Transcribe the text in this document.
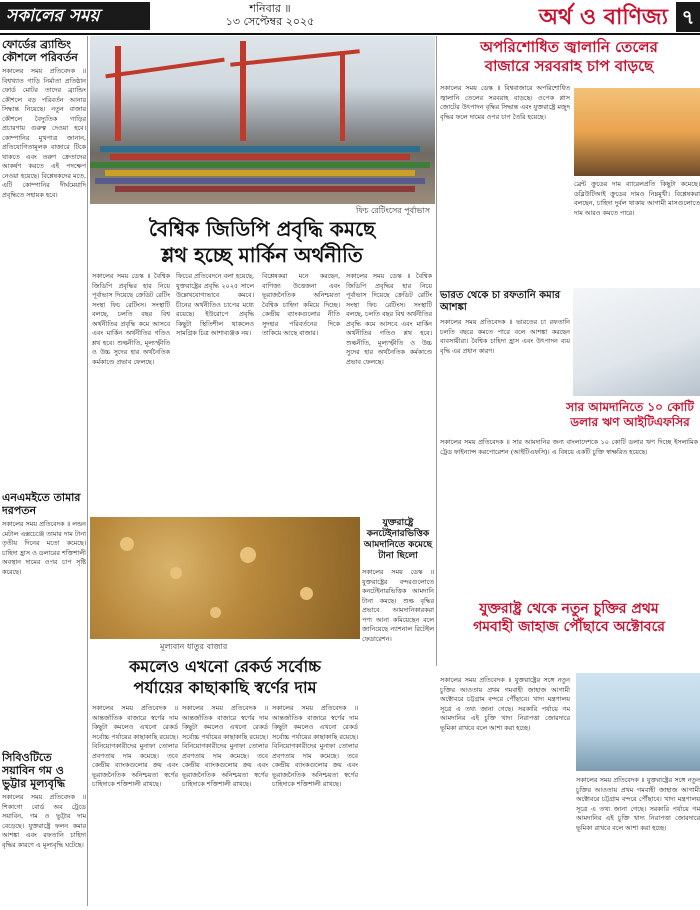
সকালের সময়	শনিবার ॥
১৩ সেপ্টেম্বর ২০২৫	অর্থ ও বাণিজ্য ৭
ফোর্ডের ব্র্যান্ডিং কৌশলে পরিবর্তন
সকালের সময় প্রতিবেদক ॥ বিশ্বখ্যাত গাড়ি নির্মাতা প্রতিষ্ঠান ফোর্ড মোটর তাদের ব্র্যান্ডিং কৌশলে বড় পরিবর্তন আনার সিদ্ধান্ত নিয়েছে। নতুন বাজার কৌশলে বৈদ্যুতিক গাড়ির প্রচারণায় গুরুত্ব দেওয়া হবে। কোম্পানির মুখপাত্র জানান, প্রতিযোগিতামূলক বাজারে টিকে থাকতে এবং তরুণ ক্রেতাদের আকর্ষণ করতে এই পদক্ষেপ নেওয়া হয়েছে। বিশ্লেষকদের মতে, এটি কোম্পানির দীর্ঘমেয়াদি প্রবৃদ্ধিতে সহায়ক হবে।
এনএমইতে তামার দরপতন
সকালের সময় প্রতিবেদক ॥ লন্ডন মেটাল এক্সচেঞ্জে তামার দাম টানা তৃতীয় দিনের মতো কমেছে। চাহিদা হ্রাস ও ডলারের শক্তিশালী অবস্থান দামের ওপর চাপ সৃষ্টি করেছে।
সিবিওটিতে সয়াবিন গম ও ভুট্টার মূল্যবৃদ্ধি
সকালের সময় প্রতিবেদক ॥ শিকাগো বোর্ড অব ট্রেডে সয়াবিন, গম ও ভুট্টার দাম বেড়েছে। যুক্তরাষ্ট্রে ফলন কমার আশঙ্কা এবং রফতানি চাহিদা বৃদ্ধির কারণে এ মূল্যবৃদ্ধি ঘটেছে।
ফিচ রেটিংসের পূর্বাভাস
বৈশ্বিক জিডিপি প্রবৃদ্ধি কমছে
শ্লথ হচ্ছে মার্কিন অর্থনীতি
সকালের সময় ডেস্ক ॥ বৈশ্বিক জিডিপি প্রবৃদ্ধির হার নিয়ে পূর্বাভাস দিয়েছে ক্রেডিট রেটিং সংস্থা ফিচ রেটিংস। সংস্থাটি বলছে, চলতি বছর বিশ্ব অর্থনীতির প্রবৃদ্ধি কমে আসবে এবং মার্কিন অর্থনীতির গতিও শ্লথ হবে। শুল্কনীতি, মূল্যস্ফীতি ও উচ্চ সুদের হার অর্থনৈতিক কর্মকাণ্ডে প্রভাব ফেলছে।
ফিচের প্রতিবেদনে বলা হয়েছে, যুক্তরাষ্ট্রের প্রবৃদ্ধি ২০২৫ সালে উল্লেখযোগ্যভাবে কমবে। চীনের অর্থনীতিও চাপের মধ্যে রয়েছে। ইউরোপে প্রবৃদ্ধি কিছুটা স্থিতিশীল থাকলেও সামগ্রিক চিত্র আশাব্যঞ্জক নয়।
বিশ্লেষকরা মনে করছেন, বাণিজ্য উত্তেজনা এবং ভূরাজনৈতিক অনিশ্চয়তা বৈশ্বিক চাহিদা কমিয়ে দিচ্ছে। কেন্দ্রীয় ব্যাংকগুলোর নীতি সুদহার পরিবর্তনের দিকে তাকিয়ে আছে বাজার।
সকালের সময় ডেস্ক ॥ বৈশ্বিক জিডিপি প্রবৃদ্ধির হার নিয়ে পূর্বাভাস দিয়েছে ক্রেডিট রেটিং সংস্থা ফিচ রেটিংস। সংস্থাটি বলছে, চলতি বছর বিশ্ব অর্থনীতির প্রবৃদ্ধি কমে আসবে এবং মার্কিন অর্থনীতির গতিও শ্লথ হবে। শুল্কনীতি, মূল্যস্ফীতি ও উচ্চ সুদের হার অর্থনৈতিক কর্মকাণ্ডে প্রভাব ফেলছে।
অপরিশোধিত জ্বালানি তেলের
বাজারে সরবরাহ চাপ বাড়ছে
সকালের সময় ডেস্ক ॥ বিশ্ববাজারে অপরিশোধিত জ্বালানি তেলের সরবরাহ বাড়ছে। ওপেক প্লাস জোটের উৎপাদন বৃদ্ধির সিদ্ধান্ত এবং যুক্তরাষ্ট্রে মজুদ বৃদ্ধির ফলে দামের ওপর চাপ তৈরি হয়েছে।
ব্রেন্ট ক্রুডের দাম ব্যারেলপ্রতি কিছুটা কমেছে। ডব্লিউটিআই ক্রুডের দামও নিম্নমুখী। বিশ্লেষকরা বলছেন, চাহিদা দুর্বল থাকায় আগামী মাসগুলোতে দাম আরও কমতে পারে।
ভারত থেকে চা রফতানি কমার আশঙ্কা
সকালের সময় প্রতিবেদক ॥ ভারতের চা রফতানি চলতি বছরে কমতে পারে বলে আশঙ্কা করছেন ব্যবসায়ীরা। বৈশ্বিক চাহিদা হ্রাস এবং উৎপাদন ব্যয় বৃদ্ধি এর প্রধান কারণ।
সার আমদানিতে ১০ কোটি
ডলার ঋণ আইটিএফসির
সকালের সময় প্রতিবেদক ॥ সার আমদানির জন্য বাংলাদেশকে ১০ কোটি ডলার ঋণ দিচ্ছে ইসলামিক ট্রেড ফাইন্যান্স করপোরেশন (আইটিএফসি)। এ বিষয়ে একটি চুক্তি স্বাক্ষরিত হয়েছে।
মূল্যবান ধাতুর বাজার
কমলেও এখনো রেকর্ড সর্বোচ্চ
পর্যায়ের কাছাকাছি স্বর্ণের দাম
সকালের সময় প্রতিবেদক ॥ আন্তর্জাতিক বাজারে স্বর্ণের দাম কিছুটা কমলেও এখনো রেকর্ড সর্বোচ্চ পর্যায়ের কাছাকাছি রয়েছে। বিনিয়োগকারীদের মুনাফা তোলার প্রবণতায় দাম কমেছে। তবে কেন্দ্রীয় ব্যাংকগুলোর ক্রয় এবং ভূরাজনৈতিক অনিশ্চয়তা স্বর্ণের চাহিদাকে শক্তিশালী রাখছে।
সকালের সময় প্রতিবেদক ॥ আন্তর্জাতিক বাজারে স্বর্ণের দাম কিছুটা কমলেও এখনো রেকর্ড সর্বোচ্চ পর্যায়ের কাছাকাছি রয়েছে। বিনিয়োগকারীদের মুনাফা তোলার প্রবণতায় দাম কমেছে। তবে কেন্দ্রীয় ব্যাংকগুলোর ক্রয় এবং ভূরাজনৈতিক অনিশ্চয়তা স্বর্ণের চাহিদাকে শক্তিশালী রাখছে।
সকালের সময় প্রতিবেদক ॥ আন্তর্জাতিক বাজারে স্বর্ণের দাম কিছুটা কমলেও এখনো রেকর্ড সর্বোচ্চ পর্যায়ের কাছাকাছি রয়েছে। বিনিয়োগকারীদের মুনাফা তোলার প্রবণতায় দাম কমেছে। তবে কেন্দ্রীয় ব্যাংকগুলোর ক্রয় এবং ভূরাজনৈতিক অনিশ্চয়তা স্বর্ণের চাহিদাকে শক্তিশালী রাখছে।
যুক্তরাষ্ট্রে কনটেইনারভিত্তিক আমদানিতে কমেছে টানা ছিলো
সকালের সময় ডেস্ক ॥ যুক্তরাষ্ট্রের বন্দরগুলোতে কনটেইনারভিত্তিক আমদানি টানা কমছে। শুল্ক বৃদ্ধির প্রভাবে আমদানিকারকরা পণ্য আনা কমিয়েছেন বলে জানিয়েছে ন্যাশনাল রিটেইল ফেডারেশন।
যুক্তরাষ্ট্র থেকে নতুন চুক্তির প্রথম
গমবাহী জাহাজ পৌঁছাবে অক্টোবরে
সকালের সময় প্রতিবেদক ॥ যুক্তরাষ্ট্রের সঙ্গে নতুন চুক্তির আওতায় প্রথম গমবাহী জাহাজ আগামী অক্টোবরে চট্টগ্রাম বন্দরে পৌঁছাবে। খাদ্য মন্ত্রণালয় সূত্রে এ তথ্য জানা গেছে। সরকারি পর্যায়ে গম আমদানির এই চুক্তি খাদ্য নিরাপত্তা জোরদারে ভূমিকা রাখবে বলে আশা করা হচ্ছে।
সকালের সময় প্রতিবেদক ॥ যুক্তরাষ্ট্রের সঙ্গে নতুন চুক্তির আওতায় প্রথম গমবাহী জাহাজ আগামী অক্টোবরে চট্টগ্রাম বন্দরে পৌঁছাবে। খাদ্য মন্ত্রণালয় সূত্রে এ তথ্য জানা গেছে। সরকারি পর্যায়ে গম আমদানির এই চুক্তি খাদ্য নিরাপত্তা জোরদারে ভূমিকা রাখবে বলে আশা করা হচ্ছে।
